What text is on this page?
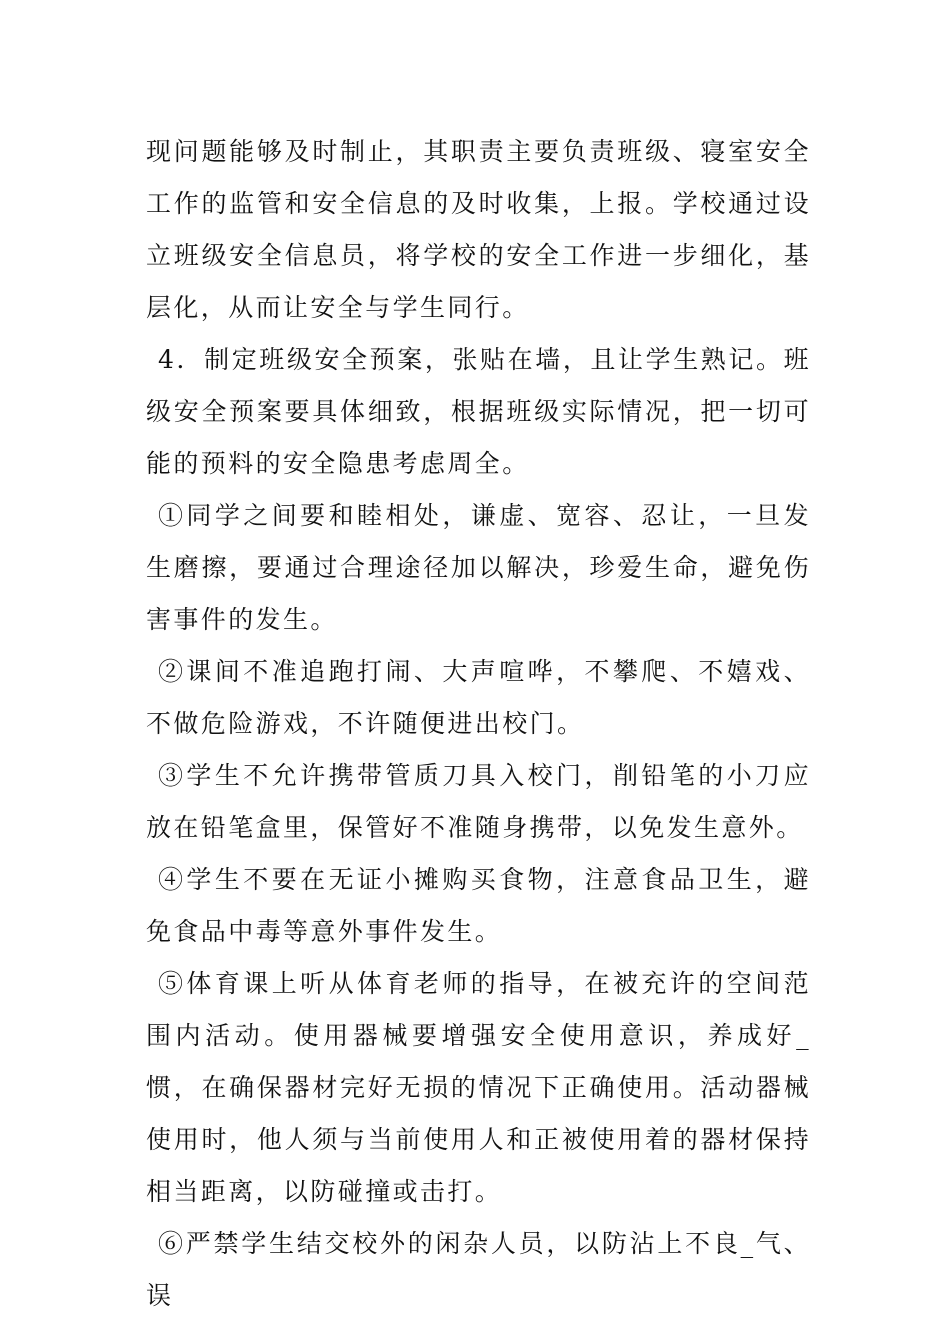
现问题能够及时制止，其职责主要负责班级、寝室安全工作的监管和安全信息的及时收集，上报。学校通过设立班级安全信息员，将学校的安全工作进一步细化，基层化，从而让安全与学生同行。

4．制定班级安全预案，张贴在墙，且让学生熟记。班级安全预案要具体细致，根据班级实际情况，把一切可能的预料的安全隐患考虑周全。

①同学之间要和睦相处，谦虚、宽容、忍让，一旦发生磨擦，要通过合理途径加以解决，珍爱生命，避免伤害事件的发生。

②课间不准追跑打闹、大声喧哗，不攀爬、不嬉戏、不做危险游戏，不许随便进出校门。

③学生不允许携带管质刀具入校门，削铅笔的小刀应放在铅笔盒里，保管好不准随身携带，以免发生意外。

④学生不要在无证小摊购买食物，注意食品卫生，避免食品中毒等意外事件发生。

⑤体育课上听从体育老师的指导，在被充许的空间范围内活动。使用器械要增强安全使用意识，养成好_惯，在确保器材完好无损的情况下正确使用。活动器械使用时，他人须与当前使用人和正被使用着的器材保持相当距离，以防碰撞或击打。

⑥严禁学生结交校外的闲杂人员，以防沾上不良_气、误
